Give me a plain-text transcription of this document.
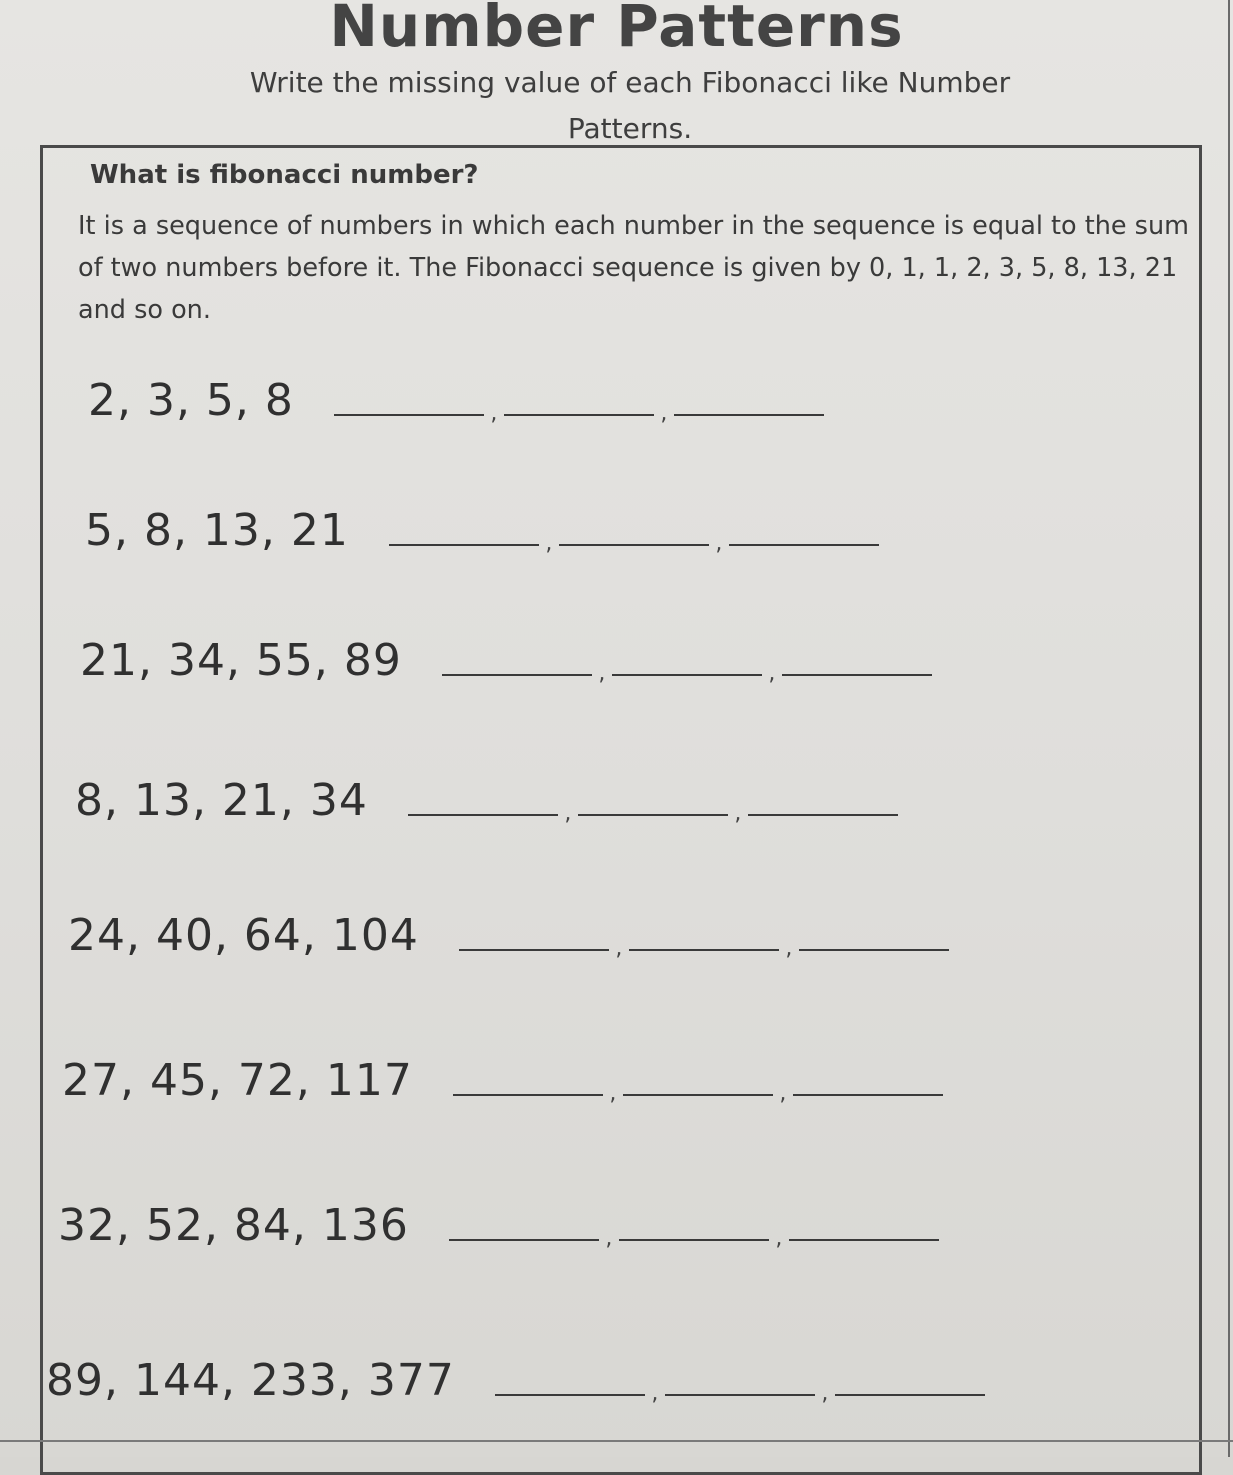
Number Patterns
Write the missing value of each Fibonacci like Number Patterns.
What is fibonacci number?
It is a sequence of numbers in which each number in the sequence is equal to the sum of two numbers before it. The Fibonacci sequence is given by 0, 1, 1, 2, 3, 5, 8, 13, 21 and so on.
2, 3, 5, 8	,	,
5, 8, 13, 21	,	,
21, 34, 55, 89	,	,
8, 13, 21, 34	,	,
24, 40, 64, 104	,	,
27, 45, 72, 117	,	,
32, 52, 84, 136	,	,
89, 144, 233, 377	,	,
